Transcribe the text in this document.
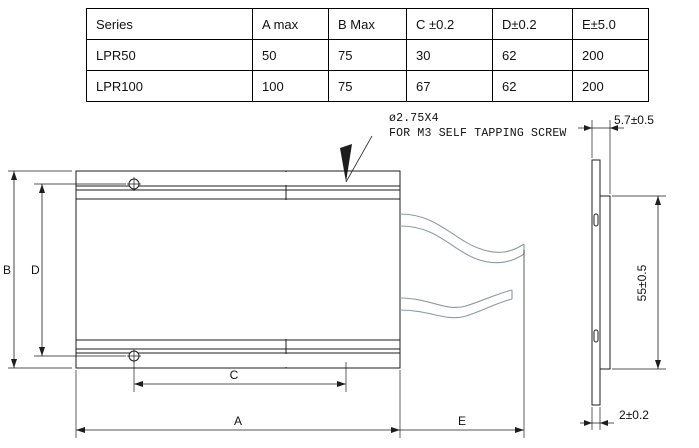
Series	A max	B Max	C ±0.2	D±0.2	E±5.0
LPR50	50	75	30	62	200
LPR100	100	75	67	62	200
ø2.75X4
FOR M3 SELF TAPPING SCREW
B D
C
A	E
5.7±0.5
55±0.5
2±0.2
